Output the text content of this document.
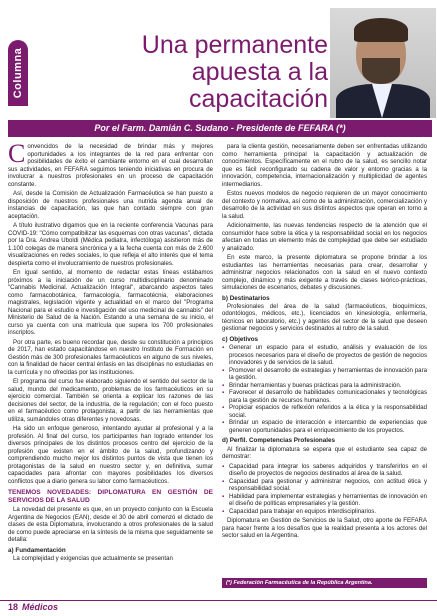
Columna
Una permanente
apuesta a la
capacitación
Por el Farm. Damián C. Sudano - Presidente de FEFARA (*)

Convencidos de la necesidad de brindar más y mejores oportunidades a los integrantes de la red para enfrentar con posibilidades de éxito el cambiante entorno en el cual desarrollan sus actividades, en FEFARA seguimos teniendo iniciativas en procura de involucrar a nuestros profesionales en un proceso de capacitación constante.

Así, desde la Comisión de Actualización Farmacéutica se han puesto a disposición de nuestros profesionales una nutrida agenda anual de instancias de capacitación, las que han contado siempre con gran aceptación.

A título ilustrativo digamos que en la reciente conferencia Vacunas para COVID-19: "Cómo compatibilizar las esquemas con otras vacunas", dictada por la Dra. Andrea Uboldi (Médica pediatra, infectóloga) asistieron más de 1.100 colegas de manera sincrónica y a la fecha cuenta con más de 2.600 visualizaciones en redes sociales, lo que refleja el alto interés que el tema despierta como el involucramiento de nuestros profesionales.

En igual sentido, al momento de redactar estas líneas estábamos próximos a la iniciación de un curso multidisciplinario denominado "Cannabis Medicinal. Actualización Integral", abarcando aspectos tales como farmacobotánica, farmacología, farmacotécnia, elaboraciones magistrales, legislación vigente y actualidad en el marco del "Programa Nacional para el estudio e investigación del uso medicinal de cannabis" del Ministerio de Salud de la Nación. Estando a una semana de su inicio, el curso ya cuenta con una matrícula que supera los 700 profesionales inscriptos.

Por otra parte, es bueno recordar que, desde su constitución a principios de 2017, han estado capacitándose en nuestro Instituto de Formación en Gestión más de 300 profesionales farmacéuticos en alguno de sus niveles, con la finalidad de hacer central énfasis en las disciplinas no estudiadas en la currícula y no ofrecidas por las instituciones.

El programa del curso fue elaborado siguiendo el sentido del sector de la salud, mundo del medicamento, problemas de los farmacéuticos en su ejercicio comercial. También se orienta a explicar los razones de las decisiones del sector, de la industria, de la regulación; con el foco puesto en el farmacéutico como protagonista, a partir de las herramientas que utiliza, sumándoles otras diferentes y novedosas.

Ha sido un enfoque generoso, intentando ayudar al profesional y a la profesión. Al final del curso, los participantes han logrado entender los diversos principales de los distintos procesos centro del ejercicio de la profesión que existen en el ámbito de la salud, profundizando y comprendiendo mucho mejor los distintos puntos de vista que tienen los protagonistas de la salud en nuestro sector y, en definitiva, sumar capacidades para afrontar con mayores posibilidades los diversos conflictos que a diario genera su labor como farmacéuticos.

TENEMOS NOVEDADES: DIPLOMATURA EN GESTIÓN DE SERVICIOS DE LA SALUD

La novedad del presente es que, en un proyecto conjunto con la Escuela Argentina de Negocios (EAN), desde el 30 de abril comenzó el dictado de clases de esta Diplomatura, involucrando a otros profesionales de la salud de como puede apreciarse en la síntesis de la misma que seguidamente se detalla:

a) Fundamentación

La complejidad y exigencias que actualmente se presentan

para la clienta gestión, necesariamente deben ser enfrentadas utilizando como herramienta principal la capacitación y actualización de conocimientos. Específicamente en el rubro de la salud, es sencillo notar que es fácil reconfigurado su cadena de valor y entorno gracias a la innovación, competencia, internacionalización y multiplicidad de agentes intermediarios.

Estos nuevos modelos de negocio requieren de un mayor conocimiento del contexto y normativa, así como de la administración, comercialización y desarrollo de la actividad en sus distintos aspectos que operan en torno a la salud.

Adicionalmente, las nuevas tendencias respecto de la atención que el consumidor hace sobre la ética y la responsabilidad social en los negocios afectan en todas un elemento más de complejidad que debe ser estudiado y analizado.

En este marco, la presente diplomatura se propone brindar a los estudiantes las herramientas necesarias para crear, desarrollar y administrar negocios relacionados con la salud en el nuevo contexto complejo, dinámico y más exigente a través de clases teórico-prácticas, simulaciones de escenarios, debates y discusiones.

b) Destinatarios

Profesionales del área de la salud (farmacéuticos, bioquímicos, odontólogos, médicos, etc.), licenciados en kinesiología, enfermería, técnicos en laboratorio, etc.) y agentes del sector de la salud que deseen gestionar negocios y servicios destinados al rubro de la salud.

c) Objetivos
▪ Generar un espacio para el estudio, análisis y evaluación de los procesos necesarios para el diseño de proyectos de gestión de negocios innovadores y de servicios de la salud.
▪ Promover el desarrollo de estrategias y herramientas de innovación para la gestión.
▪ Brindar herramientas y buenas prácticas para la administración.
▪ Favorecer el desarrollo de habilidades comunicacionales y tecnológicas para la gestión de recursos humanos.
▪ Propiciar espacios de reflexión referidos a la ética y la responsabilidad social.
▪ Brindar un espacio de interacción e intercambio de experiencias que generen oportunidades para el enriquecimiento de los proyectos.
d) Perfil. Competencias Profesionales

Al finalizar la diplomatura se espera que el estudiante sea capaz de demostrar:

▪ Capacidad para integrar los saberes adquiridos y transferirlos en el diseño de proyectos de negocios destinados al área de la salud.
▪ Capacidad para gestionar y administrar negocios, con actitud ética y responsabilidad social.
▪ Habilidad para implementar estrategias y herramientas de innovación en el diseño de políticas empresariales y la gestión.
▪ Capacidad para trabajar en equipos interdisciplinarios.

Diplomatura en Gestión de Servicios de la Salud, otro aporte de FEFARA para hacer frente a los desafíos que la realidad presenta a los actores del sector salud en la Argentina.

(*) Federación Farmacéutica de la República Argentina.
18 Médicos
